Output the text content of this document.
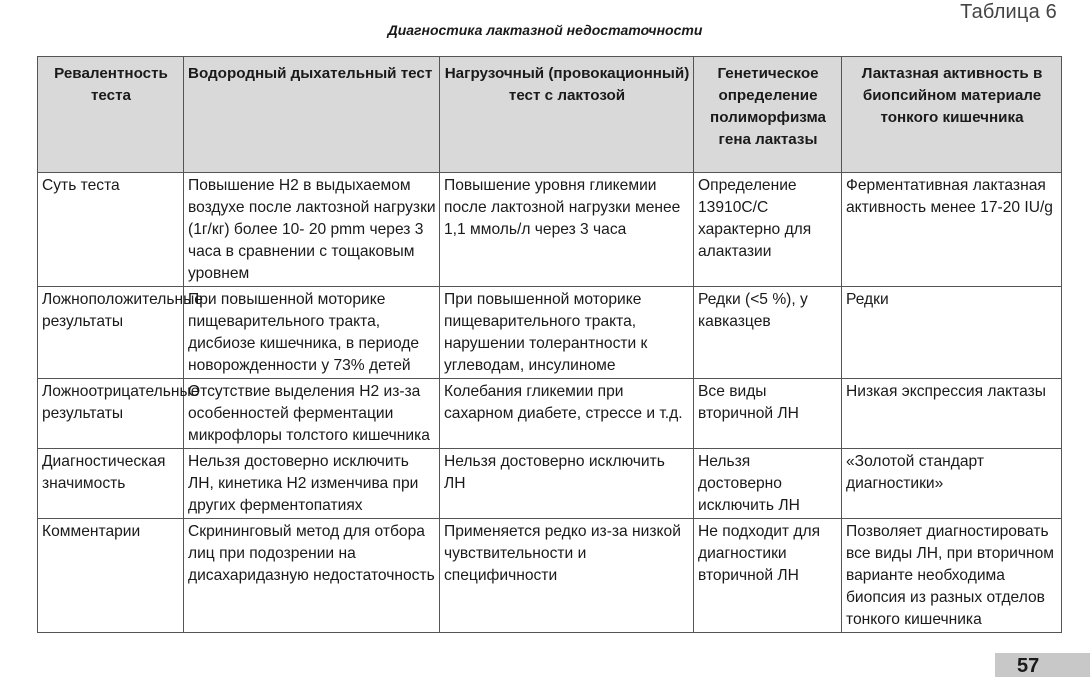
Таблица 6
Диагностика лактазной недостаточности
Ревалентность теста	Водородный дыхательный тест	Нагрузочный (провокационный) тест с лактозой	Генетическое определение полиморфизма гена лактазы	Лактазная активность в биопсийном материале тонкого кишечника
Суть теста	Повышение Н2 в выдыхаемом воздухе после лактозной нагрузки (1г/кг) более 10- 20 pmm через 3 часа в сравнении с тощаковым уровнем	Повышение уровня гликемии после лактозной нагрузки менее 1,1 ммоль/л через 3 часа	Определение 13910С/С характерно для алактазии	Ферментативная лактазная активность менее 17-20 IU/g
Ложноположительные результаты	При повышенной моторике пищеварительного тракта, дисбиозе кишечника, в периоде новорожденности у 73% детей	При повышенной моторике пищеварительного тракта, нарушении толерантности к углеводам, инсулиноме	Редки (<5 %), у кавказцев	Редки
Ложноотрицательные результаты	Отсутствие выделения Н2 из-за особенностей ферментации микрофлоры толстого кишечника	Колебания гликемии при сахарном диабете, стрессе и т.д.	Все виды вторичной ЛН	Низкая экспрессия лактазы
Диагностическая значимость	Нельзя достоверно исключить ЛН, кинетика Н2 изменчива при других ферментопатиях	Нельзя достоверно исключить ЛН	Нельзя достоверно исключить ЛН	«Золотой стандарт диагностики»
Комментарии	Скрининговый метод для отбора лиц при подозрении на дисахаридазную недостаточность	Применяется редко из-за низкой чувствительности и специфичности	Не подходит для диагностики вторичной ЛН	Позволяет диагностировать все виды ЛН, при вторичном варианте необходима биопсия из разных отделов тонкого кишечника
57
